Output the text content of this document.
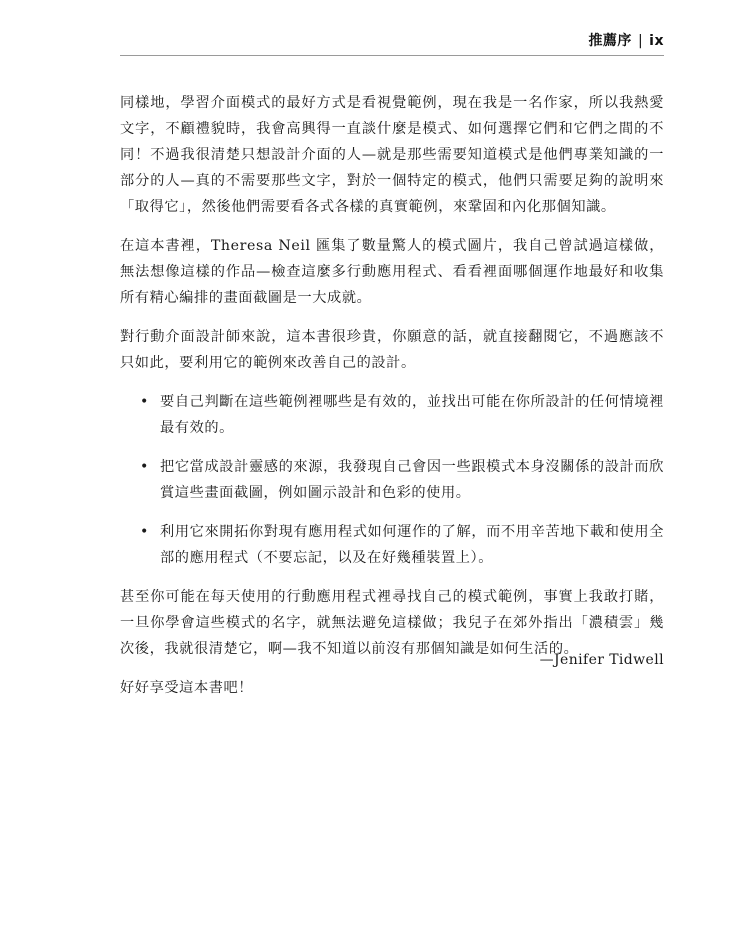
推薦序 | ix

同樣地，學習介面模式的最好方式是看視覺範例，現在我是一名作家，所以我熱愛文字，不顧禮貌時，我會高興得一直談什麼是模式、如何選擇它們和它們之間的不同！不過我很清楚只想設計介面的人—就是那些需要知道模式是他們專業知識的一部分的人—真的不需要那些文字，對於一個特定的模式，他們只需要足夠的說明來「取得它」，然後他們需要看各式各樣的真實範例，來鞏固和內化那個知識。

在這本書裡，Theresa Neil 匯集了數量驚人的模式圖片，我自己曾試過這樣做，無法想像這樣的作品—檢查這麼多行動應用程式、看看裡面哪個運作地最好和收集所有精心編排的畫面截圖是一大成就。

對行動介面設計師來說，這本書很珍貴，你願意的話，就直接翻閱它，不過應該不只如此，要利用它的範例來改善自己的設計。

• 要自己判斷在這些範例裡哪些是有效的，並找出可能在你所設計的任何情境裡最有效的。
• 把它當成設計靈感的來源，我發現自己會因一些跟模式本身沒關係的設計而欣賞這些畫面截圖，例如圖示設計和色彩的使用。
• 利用它來開拓你對現有應用程式如何運作的了解，而不用辛苦地下載和使用全部的應用程式（不要忘記，以及在好幾種裝置上）。

甚至你可能在每天使用的行動應用程式裡尋找自己的模式範例，事實上我敢打賭，一旦你學會這些模式的名字，就無法避免這樣做；我兒子在郊外指出「濃積雲」幾次後，我就很清楚它，啊—我不知道以前沒有那個知識是如何生活的。

好好享受這本書吧！

—Jenifer Tidwell
